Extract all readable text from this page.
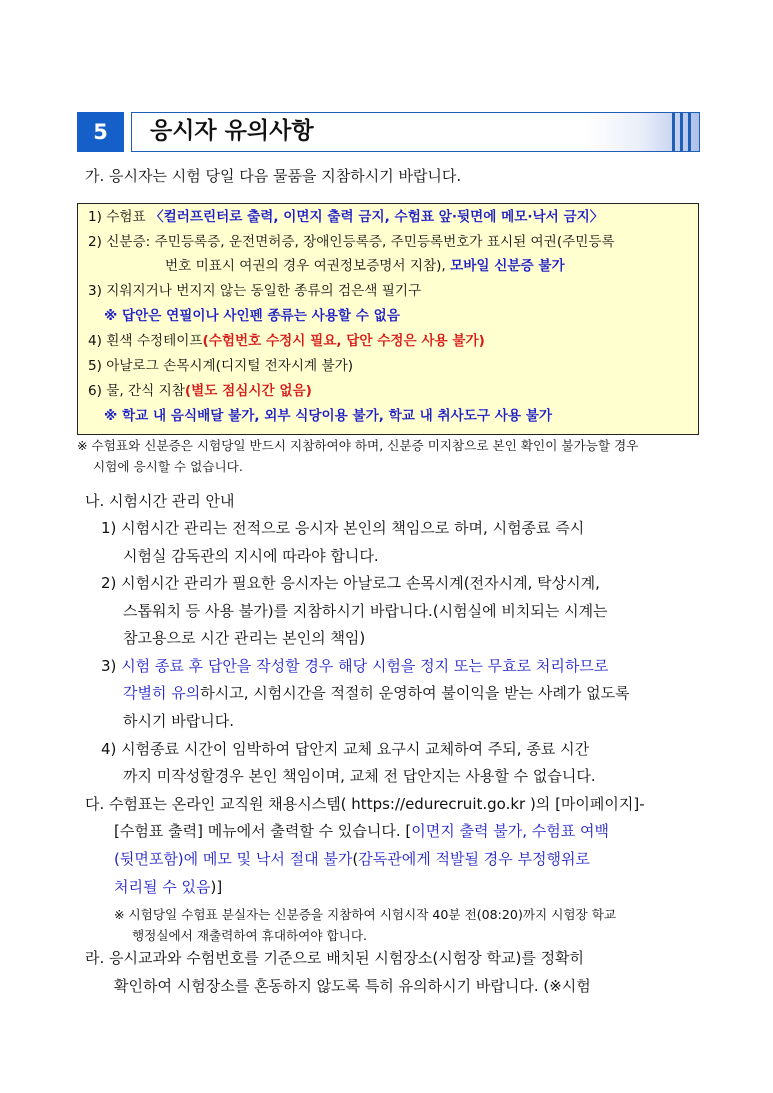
5	응시자 유의사항
가. 응시자는 시험 당일 다음 물품을 지참하시기 바랍니다.
1) 수험표 〈컬러프린터로 출력, 이면지 출력 금지, 수험표 앞·뒷면에 메모·낙서 금지〉
2) 신분증: 주민등록증, 운전면허증, 장애인등록증, 주민등록번호가 표시된 여권(주민등록
번호 미표시 여권의 경우 여권정보증명서 지참), 모바일 신분증 불가
3) 지워지거나 번지지 않는 동일한 종류의 검은색 필기구
※ 답안은 연필이나 사인펜 종류는 사용할 수 없음
4) 흰색 수정테이프(수험번호 수정시 필요, 답안 수정은 사용 불가)
5) 아날로그 손목시계(디지털 전자시계 불가)
6) 물, 간식 지참(별도 점심시간 없음)
※ 학교 내 음식배달 불가, 외부 식당이용 불가, 학교 내 취사도구 사용 불가
※ 수험표와 신분증은 시험당일 반드시 지참하여야 하며, 신분증 미지참으로 본인 확인이 불가능할 경우
시험에 응시할 수 없습니다.
나. 시험시간 관리 안내
1) 시험시간 관리는 전적으로 응시자 본인의 책임으로 하며, 시험종료 즉시
시험실 감독관의 지시에 따라야 합니다.
2) 시험시간 관리가 필요한 응시자는 아날로그 손목시계(전자시계, 탁상시계,
스톱워치 등 사용 불가)를 지참하시기 바랍니다.(시험실에 비치되는 시계는
참고용으로 시간 관리는 본인의 책임)
3) 시험 종료 후 답안을 작성할 경우 해당 시험을 정지 또는 무효로 처리하므로
각별히 유의하시고, 시험시간을 적절히 운영하여 불이익을 받는 사례가 없도록
하시기 바랍니다.
4) 시험종료 시간이 임박하여 답안지 교체 요구시 교체하여 주되, 종료 시간
까지 미작성할경우 본인 책임이며, 교체 전 답안지는 사용할 수 없습니다.
다. 수험표는 온라인 교직원 채용시스템( https://edurecruit.go.kr )의 [마이페이지]-
[수험표 출력] 메뉴에서 출력할 수 있습니다. [이면지 출력 불가, 수험표 여백
(뒷면포함)에 메모 및 낙서 절대 불가(감독관에게 적발될 경우 부정행위로
처리될 수 있음)]
※ 시험당일 수험표 분실자는 신분증을 지참하여 시험시작 40분 전(08:20)까지 시험장 학교
행정실에서 재출력하여 휴대하여야 합니다.
라. 응시교과와 수험번호를 기준으로 배치된 시험장소(시험장 학교)를 정확히
확인하여 시험장소를 혼동하지 않도록 특히 유의하시기 바랍니다. (※시험
